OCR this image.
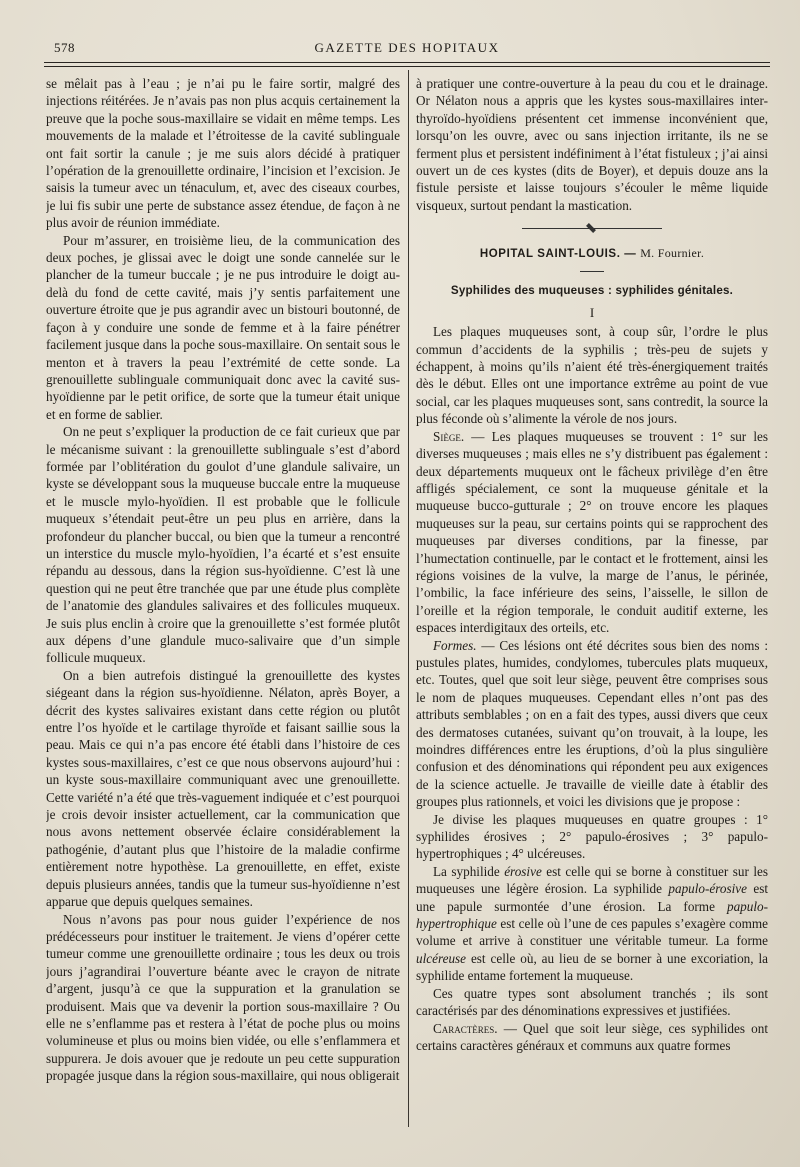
578	GAZETTE DES HOPITAUX

se mêlait pas à l’eau ; je n’ai pu le faire sortir, malgré des injections réitérées. Je n’avais pas non plus acquis certainement la preuve que la poche sous-maxillaire se vidait en même temps. Les mouvements de la malade et l’étroitesse de la cavité sublinguale ont fait sortir la canule ; je me suis alors décidé à pratiquer l’opération de la grenouillette ordinaire, l’incision et l’excision. Je saisis la tumeur avec un ténaculum, et, avec des ciseaux courbes, je lui fis subir une perte de substance assez étendue, de façon à ne plus avoir de réunion immédiate.

Pour m’assurer, en troisième lieu, de la communication des deux poches, je glissai avec le doigt une sonde cannelée sur le plancher de la tumeur buccale ; je ne pus introduire le doigt au-delà du fond de cette cavité, mais j’y sentis parfaitement une ouverture étroite que je pus agrandir avec un bistouri boutonné, de façon à y conduire une sonde de femme et à la faire pénétrer facilement jusque dans la poche sous-maxillaire. On sentait sous le menton et à travers la peau l’extrémité de cette sonde. La grenouillette sublinguale communiquait donc avec la cavité sus-hyoïdienne par le petit orifice, de sorte que la tumeur était unique et en forme de sablier.

On ne peut s’expliquer la production de ce fait curieux que par le mécanisme suivant : la grenouillette sublinguale s’est d’abord formée par l’oblitération du goulot d’une glandule salivaire, un kyste se développant sous la muqueuse buccale entre la muqueuse et le muscle mylo-hyoïdien. Il est probable que le follicule muqueux s’étendait peut-être un peu plus en arrière, dans la profondeur du plancher buccal, ou bien que la tumeur a rencontré un interstice du muscle mylo-hyoïdien, l’a écarté et s’est ensuite répandu au dessous, dans la région sus-hyoïdienne. C’est là une question qui ne peut être tranchée que par une étude plus complète de l’anatomie des glandules salivaires et des follicules muqueux. Je suis plus enclin à croire que la grenouillette s’est formée plutôt aux dépens d’une glandule muco-salivaire que d’un simple follicule muqueux.

On a bien autrefois distingué la grenouillette des kystes siégeant dans la région sus-hyoïdienne. Nélaton, après Boyer, a décrit des kystes salivaires existant dans cette région ou plutôt entre l’os hyoïde et le cartilage thyroïde et faisant saillie sous la peau. Mais ce qui n’a pas encore été établi dans l’histoire de ces kystes sous-maxillaires, c’est ce que nous observons aujourd’hui : un kyste sous-maxillaire communiquant avec une grenouillette. Cette variété n’a été que très-vaguement indiquée et c’est pourquoi je crois devoir insister actuellement, car la communication que nous avons nettement observée éclaire considérablement la pathogénie, d’autant plus que l’histoire de la maladie confirme entièrement notre hypothèse. La grenouillette, en effet, existe depuis plusieurs années, tandis que la tumeur sus-hyoïdienne n’est apparue que depuis quelques semaines.

Nous n’avons pas pour nous guider l’expérience de nos prédécesseurs pour instituer le traitement. Je viens d’opérer cette tumeur comme une grenouillette ordinaire ; tous les deux ou trois jours j’agrandirai l’ouverture béante avec le crayon de nitrate d’argent, jusqu’à ce que la suppuration et la granulation se produisent. Mais que va devenir la portion sous-maxillaire ? Ou elle ne s’enflamme pas et restera à l’état de poche plus ou moins volumineuse et plus ou moins bien vidée, ou elle s’enflammera et suppurera. Je dois avouer que je redoute un peu cette suppuration propagée jusque dans la région sous-maxillaire, qui nous obligerait

à pratiquer une contre-ouverture à la peau du cou et le drainage. Or Nélaton nous a appris que les kystes sous-maxillaires inter-thyroïdo-hyoïdiens présentent cet immense inconvénient que, lorsqu’on les ouvre, avec ou sans injection irritante, ils ne se ferment plus et persistent indéfiniment à l’état fistuleux ; j’ai ainsi ouvert un de ces kystes (dits de Boyer), et depuis douze ans la fistule persiste et laisse toujours s’écouler le même liquide visqueux, surtout pendant la mastication.

HOPITAL SAINT-LOUIS. — M. Fournier.
Syphilides des muqueuses : syphilides génitales.
I

Les plaques muqueuses sont, à coup sûr, l’ordre le plus commun d’accidents de la syphilis ; très-peu de sujets y échappent, à moins qu’ils n’aient été très-énergiquement traités dès le début. Elles ont une importance extrême au point de vue social, car les plaques muqueuses sont, sans contredit, la source la plus féconde où s’alimente la vérole de nos jours.

Siège. — Les plaques muqueuses se trouvent : 1° sur les diverses muqueuses ; mais elles ne s’y distribuent pas également : deux départements muqueux ont le fâcheux privilège d’en être affligés spécialement, ce sont la muqueuse génitale et la muqueuse bucco-gutturale ; 2° on trouve encore les plaques muqueuses sur la peau, sur certains points qui se rapprochent des muqueuses par diverses conditions, par la finesse, par l’humectation continuelle, par le contact et le frottement, ainsi les régions voisines de la vulve, la marge de l’anus, le périnée, l’ombilic, la face inférieure des seins, l’aisselle, le sillon de l’oreille et la région temporale, le conduit auditif externe, les espaces interdigitaux des orteils, etc.

Formes. — Ces lésions ont été décrites sous bien des noms : pustules plates, humides, condylomes, tubercules plats muqueux, etc. Toutes, quel que soit leur siège, peuvent être comprises sous le nom de plaques muqueuses. Cependant elles n’ont pas des attributs semblables ; on en a fait des types, aussi divers que ceux des dermatoses cutanées, suivant qu’on trouvait, à la loupe, les moindres différences entre les éruptions, d’où la plus singulière confusion et des dénominations qui répondent peu aux exigences de la science actuelle. Je travaille de vieille date à établir des groupes plus rationnels, et voici les divisions que je propose :

Je divise les plaques muqueuses en quatre groupes : 1° syphilides érosives ; 2° papulo-érosives ; 3° papulo-hypertrophiques ; 4° ulcéreuses.

La syphilide érosive est celle qui se borne à constituer sur les muqueuses une légère érosion. La syphilide papulo-érosive est une papule surmontée d’une érosion. La forme papulo-hypertrophique est celle où l’une de ces papules s’exagère comme volume et arrive à constituer une véritable tumeur. La forme ulcéreuse est celle où, au lieu de se borner à une excoriation, la syphilide entame fortement la muqueuse.

Ces quatre types sont absolument tranchés ; ils sont caractérisés par des dénominations expressives et justifiées.

Caractères. — Quel que soit leur siège, ces syphilides ont certains caractères généraux et communs aux quatre formes
